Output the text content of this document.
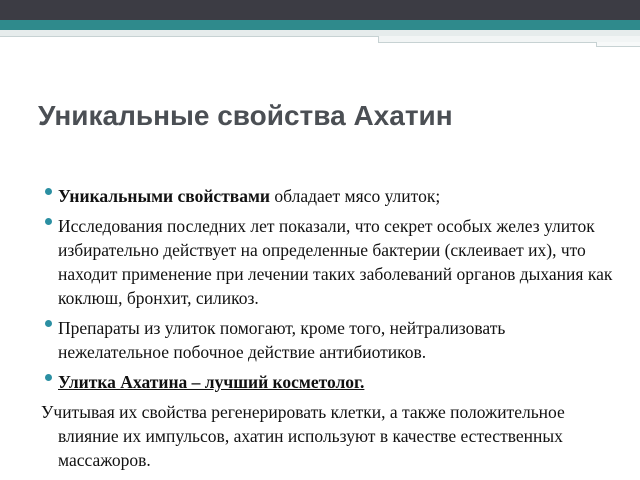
Уникальные свойства Ахатин
Уникальными свойствами обладает мясо улиток;
Исследования последних лет показали, что секрет особых желез улиток избирательно действует на определенные бактерии (склеивает их), что находит применение при лечении таких заболеваний органов дыхания как коклюш, бронхит, силикоз.
Препараты из улиток помогают, кроме того, нейтрализовать нежелательное побочное действие антибиотиков.
Улитка Ахатина – лучший косметолог.
Учитывая их свойства регенерировать клетки, а также положительное влияние их импульсов, ахатин используют в качестве естественных массажоров.
